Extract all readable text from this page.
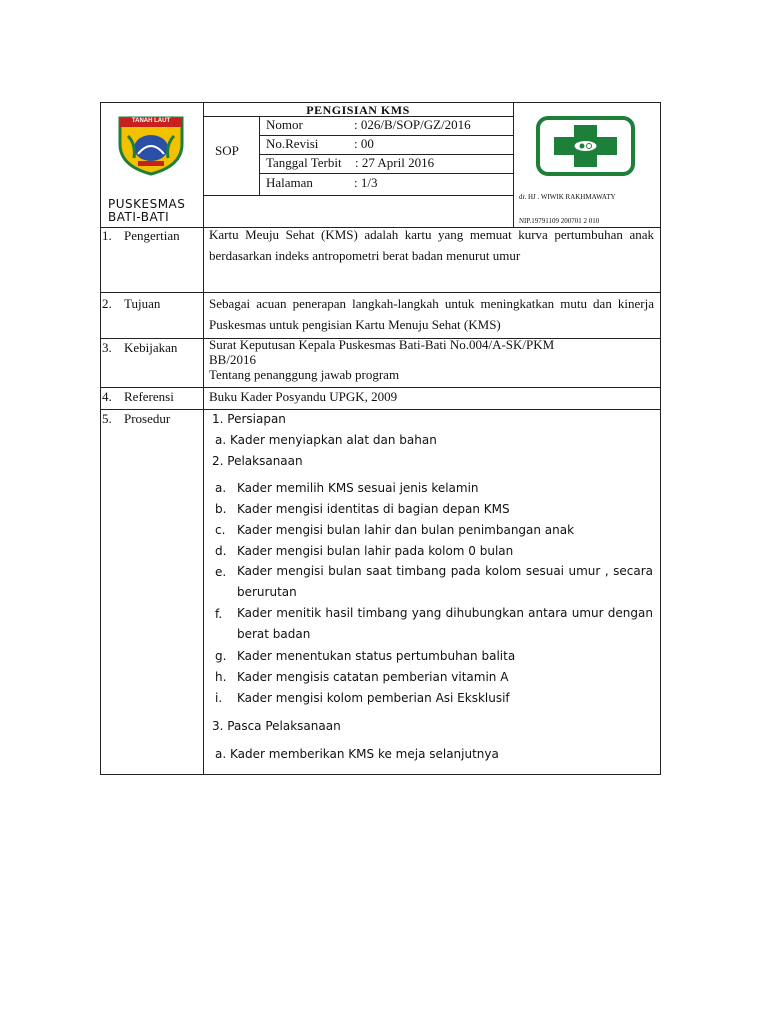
TANAH LAUT
PUSKESMAS
BATI-BATI
PENGISIAN KMS
SOP
Nomor	: 026/B/SOP/GZ/2016
No.Revisi	: 00
Tanggal Terbit : 27 April 2016
Halaman	: 1/3
dr. HJ . WIWIK RAKHMAWATY
NIP.19791109 200701 2 010
1. Pengertian Kartu Meuju Sehat (KMS) adalah kartu yang memuat kurva pertumbuhan anak berdasarkan indeks antropometri berat badan menurut umur
2. Tujuan	Sebagai acuan penerapan langkah-langkah untuk meningkatkan mutu dan kinerja Puskesmas untuk pengisian Kartu Menuju Sehat (KMS)
3. Kebijakan Surat Keputusan Kepala Puskesmas Bati-Bati No.004/A-SK/PKM
BB/2016
Tentang penanggung jawab program
4. Referensi	Buku Kader Posyandu UPGK, 2009
5. Prosedur	1. Persiapan
a. Kader menyiapkan alat dan bahan
2. Pelaksanaan
a. Kader memilih KMS sesuai jenis kelamin
b. Kader mengisi identitas di bagian depan KMS
c. Kader mengisi bulan lahir dan bulan penimbangan anak
d. Kader mengisi bulan lahir pada kolom 0 bulan
e. Kader mengisi bulan saat timbang pada kolom sesuai umur , secara berurutan
f. Kader menitik hasil timbang yang dihubungkan antara umur dengan berat badan
g. Kader menentukan status pertumbuhan balita
h. Kader mengisis catatan pemberian vitamin A
i. Kader mengisi kolom pemberian Asi Eksklusif
3. Pasca Pelaksanaan
a. Kader memberikan KMS ke meja selanjutnya
